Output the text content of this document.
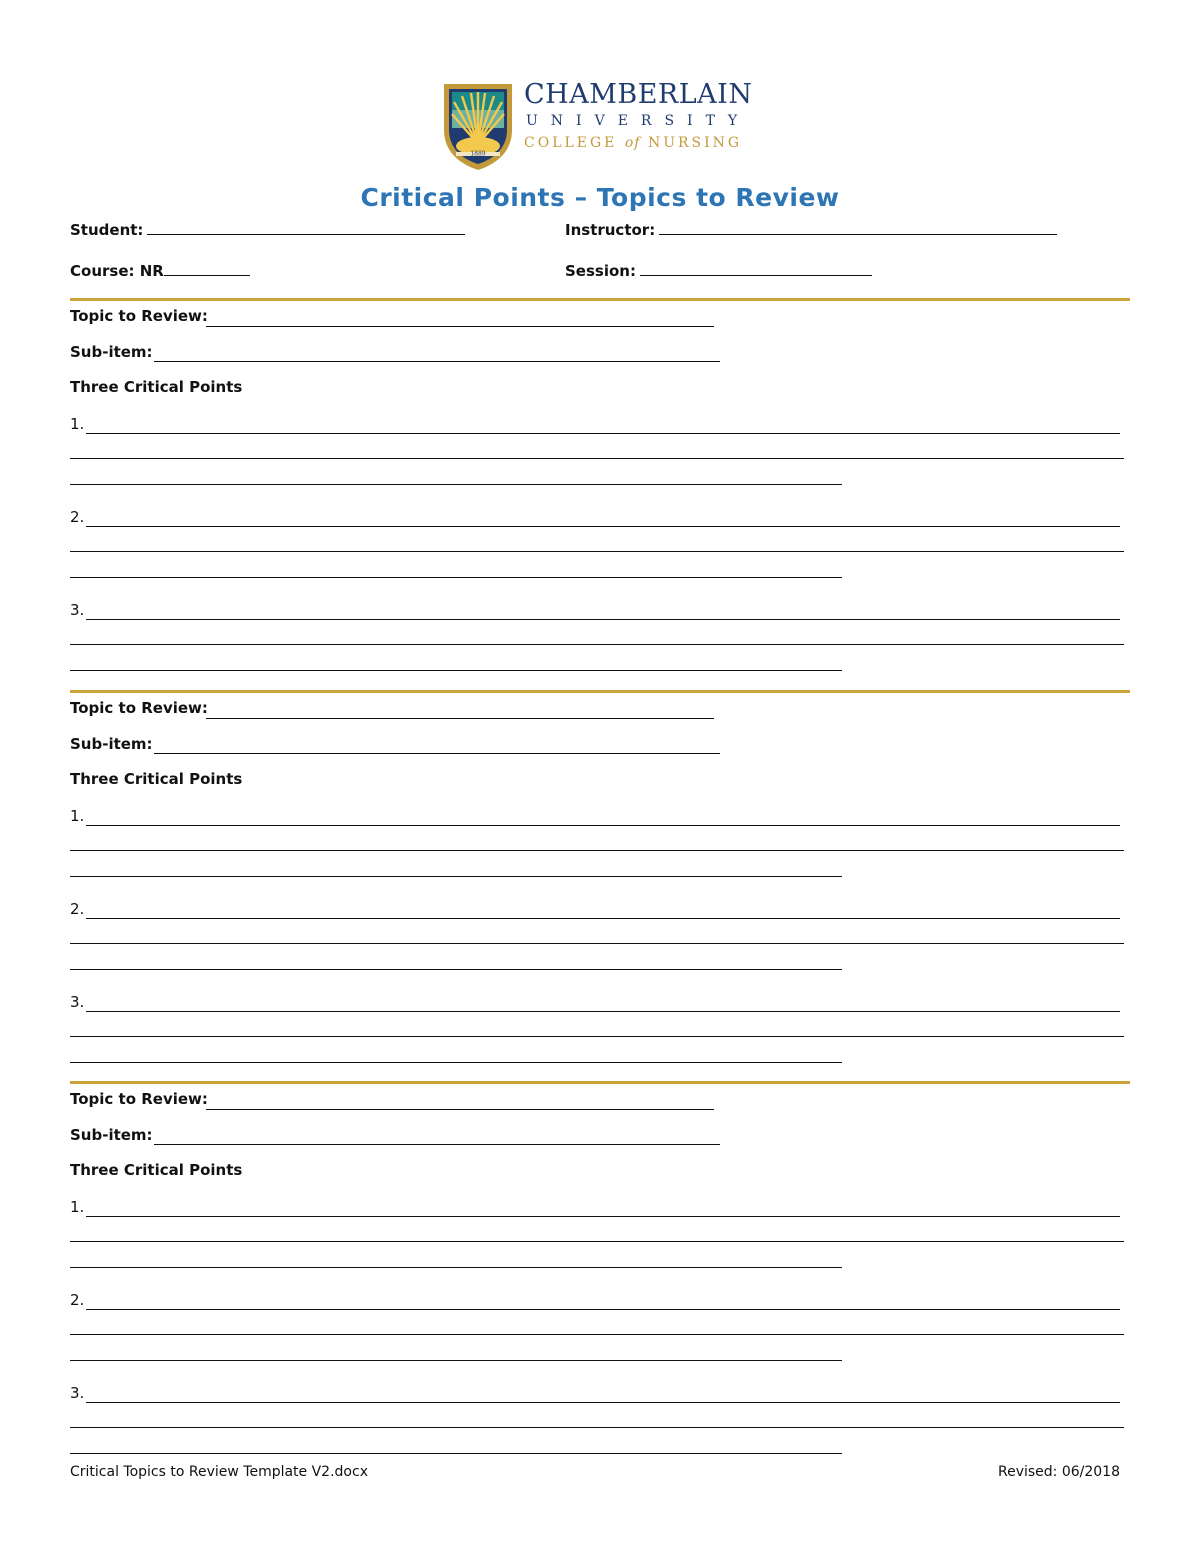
1889
CHAMBERLAIN
UNIVERSITY
COLLEGE of NURSING
Critical Points – Topics to Review
Student:	Instructor:
Course: NR	Session:
Topic to Review:
Sub-item:
Three Critical Points
1.
2.
3.
Topic to Review:
Sub-item:
Three Critical Points
1.
2.
3.
Topic to Review:
Sub-item:
Three Critical Points
1.
2.
3.
Critical Topics to Review Template V2.docx	Revised: 06/2018
